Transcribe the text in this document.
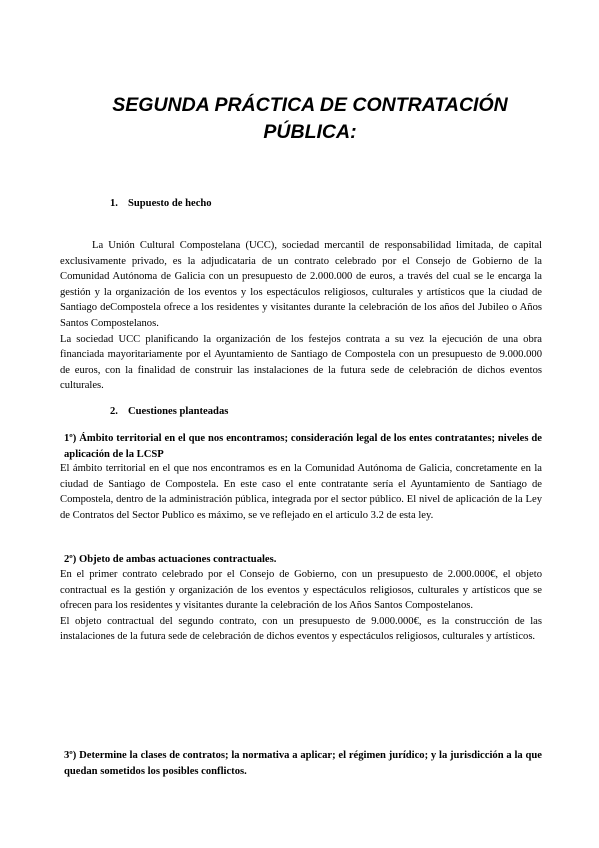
SEGUNDA PRÁCTICA DE CONTRATACIÓN
PÚBLICA:
1. Supuesto de hecho

La Unión Cultural Compostelana (UCC), sociedad mercantil de responsabilidad limitada, de capital exclusivamente privado, es la adjudicataria de un contrato celebrado por el Consejo de Gobierno de la Comunidad Autónoma de Galicia con un presupuesto de 2.000.000 de euros, a través del cual se le encarga la gestión y la organización de los eventos y los espectáculos religiosos, culturales y artísticos que la ciudad de Santiago deCompostela ofrece a los residentes y visitantes durante la celebración de los años del Jubileo o Años Santos Compostelanos.

La sociedad UCC planificando la organización de los festejos contrata a su vez la ejecución de una obra financiada mayoritariamente por el Ayuntamiento de Santiago de Compostela con un presupuesto de 9.000.000 de euros, con la finalidad de construir las instalaciones de la futura sede de celebración de dichos eventos culturales.

2. Cuestiones planteadas

1º) Ámbito territorial en el que nos encontramos; consideración legal de los entes contratantes; niveles de aplicación de la LCSP

El ámbito territorial en el que nos encontramos es en la Comunidad Autónoma de Galicia, concretamente en la ciudad de Santiago de Compostela. En este caso el ente contratante sería el Ayuntamiento de Santiago de Compostela, dentro de la administración pública, integrada por el sector público. El nivel de aplicación de la Ley de Contratos del Sector Publico es máximo, se ve reflejado en el articulo 3.2 de esta ley.

2º) Objeto de ambas actuaciones contractuales.

En el primer contrato celebrado por el Consejo de Gobierno, con un presupuesto de 2.000.000€, el objeto contractual es la gestión y organización de los eventos y espectáculos religiosos, culturales y artísticos que se ofrecen para los residentes y visitantes durante la celebración de los Años Santos Compostelanos.

El objeto contractual del segundo contrato, con un presupuesto de 9.000.000€, es la construcción de las instalaciones de la futura sede de celebración de dichos eventos y espectáculos religiosos, culturales y artísticos.

3º) Determine la clases de contratos; la normativa a aplicar; el régimen jurídico; y la jurisdicción a la que quedan sometidos los posibles conflictos.
